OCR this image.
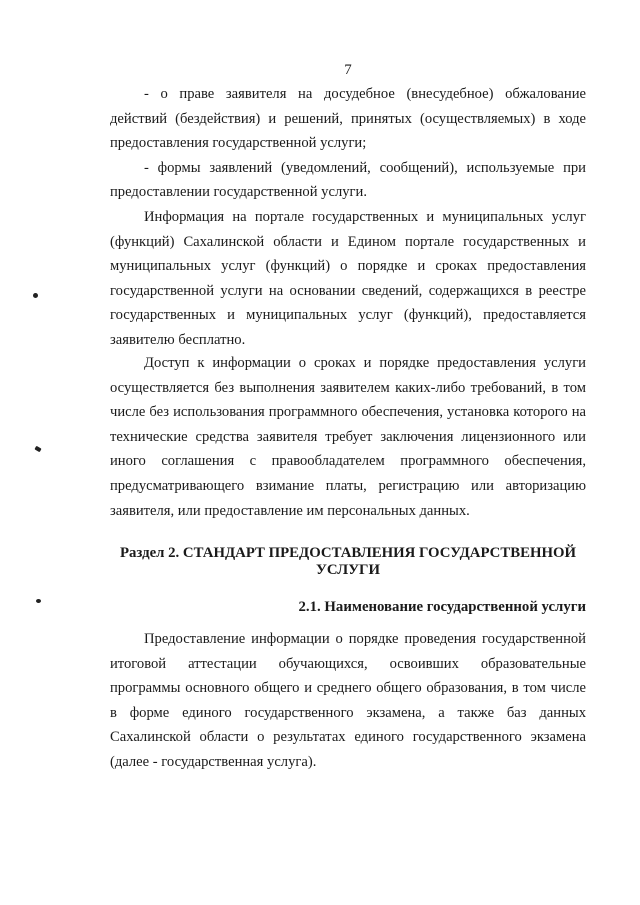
7

- о праве заявителя на досудебное (внесудебное) обжалование действий (бездействия) и решений, принятых (осуществляемых) в ходе предоставления государственной услуги;

- формы заявлений (уведомлений, сообщений), используемые при предоставлении государственной услуги.

Информация на портале государственных и муниципальных услуг (функций) Сахалинской области и Едином портале государственных и муниципальных услуг (функций) о порядке и сроках предоставления государственной услуги на основании сведений, содержащихся в реестре государственных и муниципальных услуг (функций), предоставляется заявителю бесплатно.

Доступ к информации о сроках и порядке предоставления услуги осуществляется без выполнения заявителем каких-либо требований, в том числе без использования программного обеспечения, установка которого на технические средства заявителя требует заключения лицензионного или иного соглашения с правообладателем программного обеспечения, предусматривающего взимание платы, регистрацию или авторизацию заявителя, или предоставление им персональных данных.

Раздел 2. СТАНДАРТ ПРЕДОСТАВЛЕНИЯ ГОСУДАРСТВЕННОЙ УСЛУГИ
2.1. Наименование государственной услуги

Предоставление информации о порядке проведения государственной итоговой аттестации обучающихся, освоивших образовательные программы основного общего и среднего общего образования, в том числе в форме единого государственного экзамена, а также баз данных Сахалинской области о результатах единого государственного экзамена (далее - государственная услуга).
